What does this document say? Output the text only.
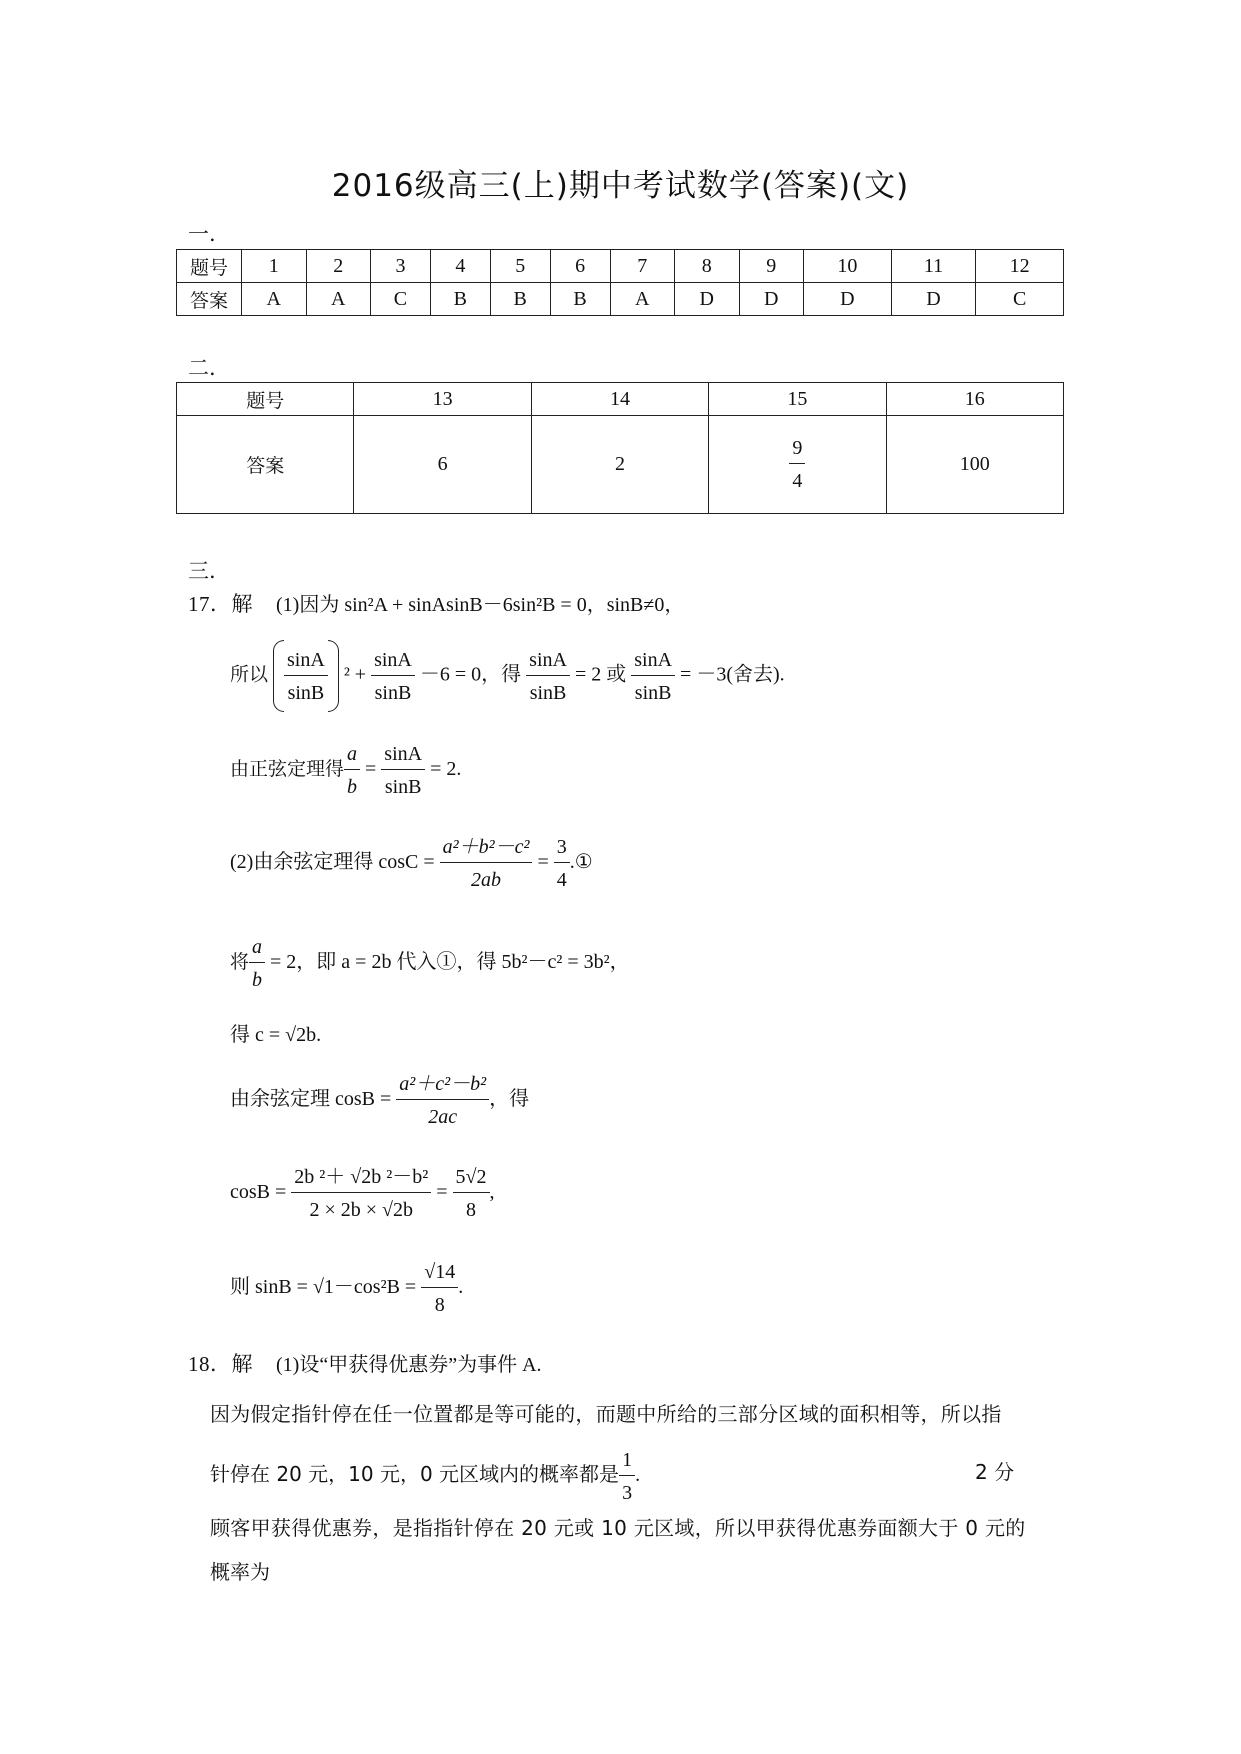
2016级高三(上)期中考试数学(答案)(文)
一.
题号	1	2	3	4	5	6	7	8	9	10	11	12
答案	A	A	C	B	B	B	A	D	D	D	D	C
二.
题号	13	14	15	16
答案	6	2	$\frac{9}{4}$	100
三.
17．解 (1)因为 sin²A + sinAsinB－6sin²B = 0，sinB≠0，
所以 $\frac{\sin A}{\sin B} ^2 + \frac{\sin A}{\sin B} -6 = 0$，得 $\frac{\sin A}{\sin B} = 2$ 或 $\frac{\sin A}{\sin B} = -3$(舍去).
由正弦定理得 $\frac{a}{b} = \frac{\sin A}{\sin B} = 2$.
(2)由余弦定理得 $\cos C = \frac{\text{a²＋b²－c²}}{2ab} = \frac{3}{4}$ .①
将 $\frac{a}{b} = 2$，即 a = 2b 代入①，得 5b²－c² = 3b²，
得 c = √2b.
由余弦定理 $\cos B = \frac{\text{a²＋c²－b²}}{2ac}$ ，得
$\cos B = \frac{\text{2b ²＋ √2b ²－b²}}{2 \times 2b \times √2b} = \frac{5√2}{8}$ ,
则 $\sin B = √1-\cos^2B = \frac{√14}{8}$ .
18．解 (1)设“甲获得优惠券”为事件 A.
因为假定指针停在任一位置都是等可能的，而题中所给的三部分区域的面积相等，所以指
针停在 20 元，10 元，0 元区域内的概率都是 $\frac{1}{3}$ .	2 分
顾客甲获得优惠券，是指指针停在 20 元或 10 元区域，所以甲获得优惠券面额大于 0 元的
概率为
